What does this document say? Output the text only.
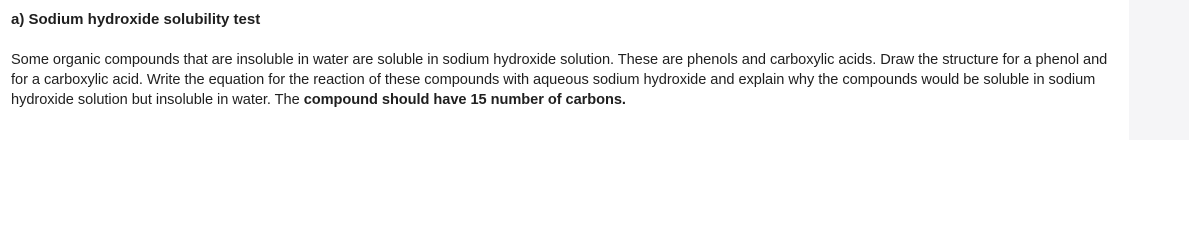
a) Sodium hydroxide solubility test

Some organic compounds that are insoluble in water are soluble in sodium hydroxide solution. These are phenols and carboxylic acids. Draw the structure for a phenol and for a carboxylic acid. Write the equation for the reaction of these compounds with aqueous sodium hydroxide and explain why the compounds would be soluble in sodium hydroxide solution but insoluble in water. The compound should have 15 number of carbons.
